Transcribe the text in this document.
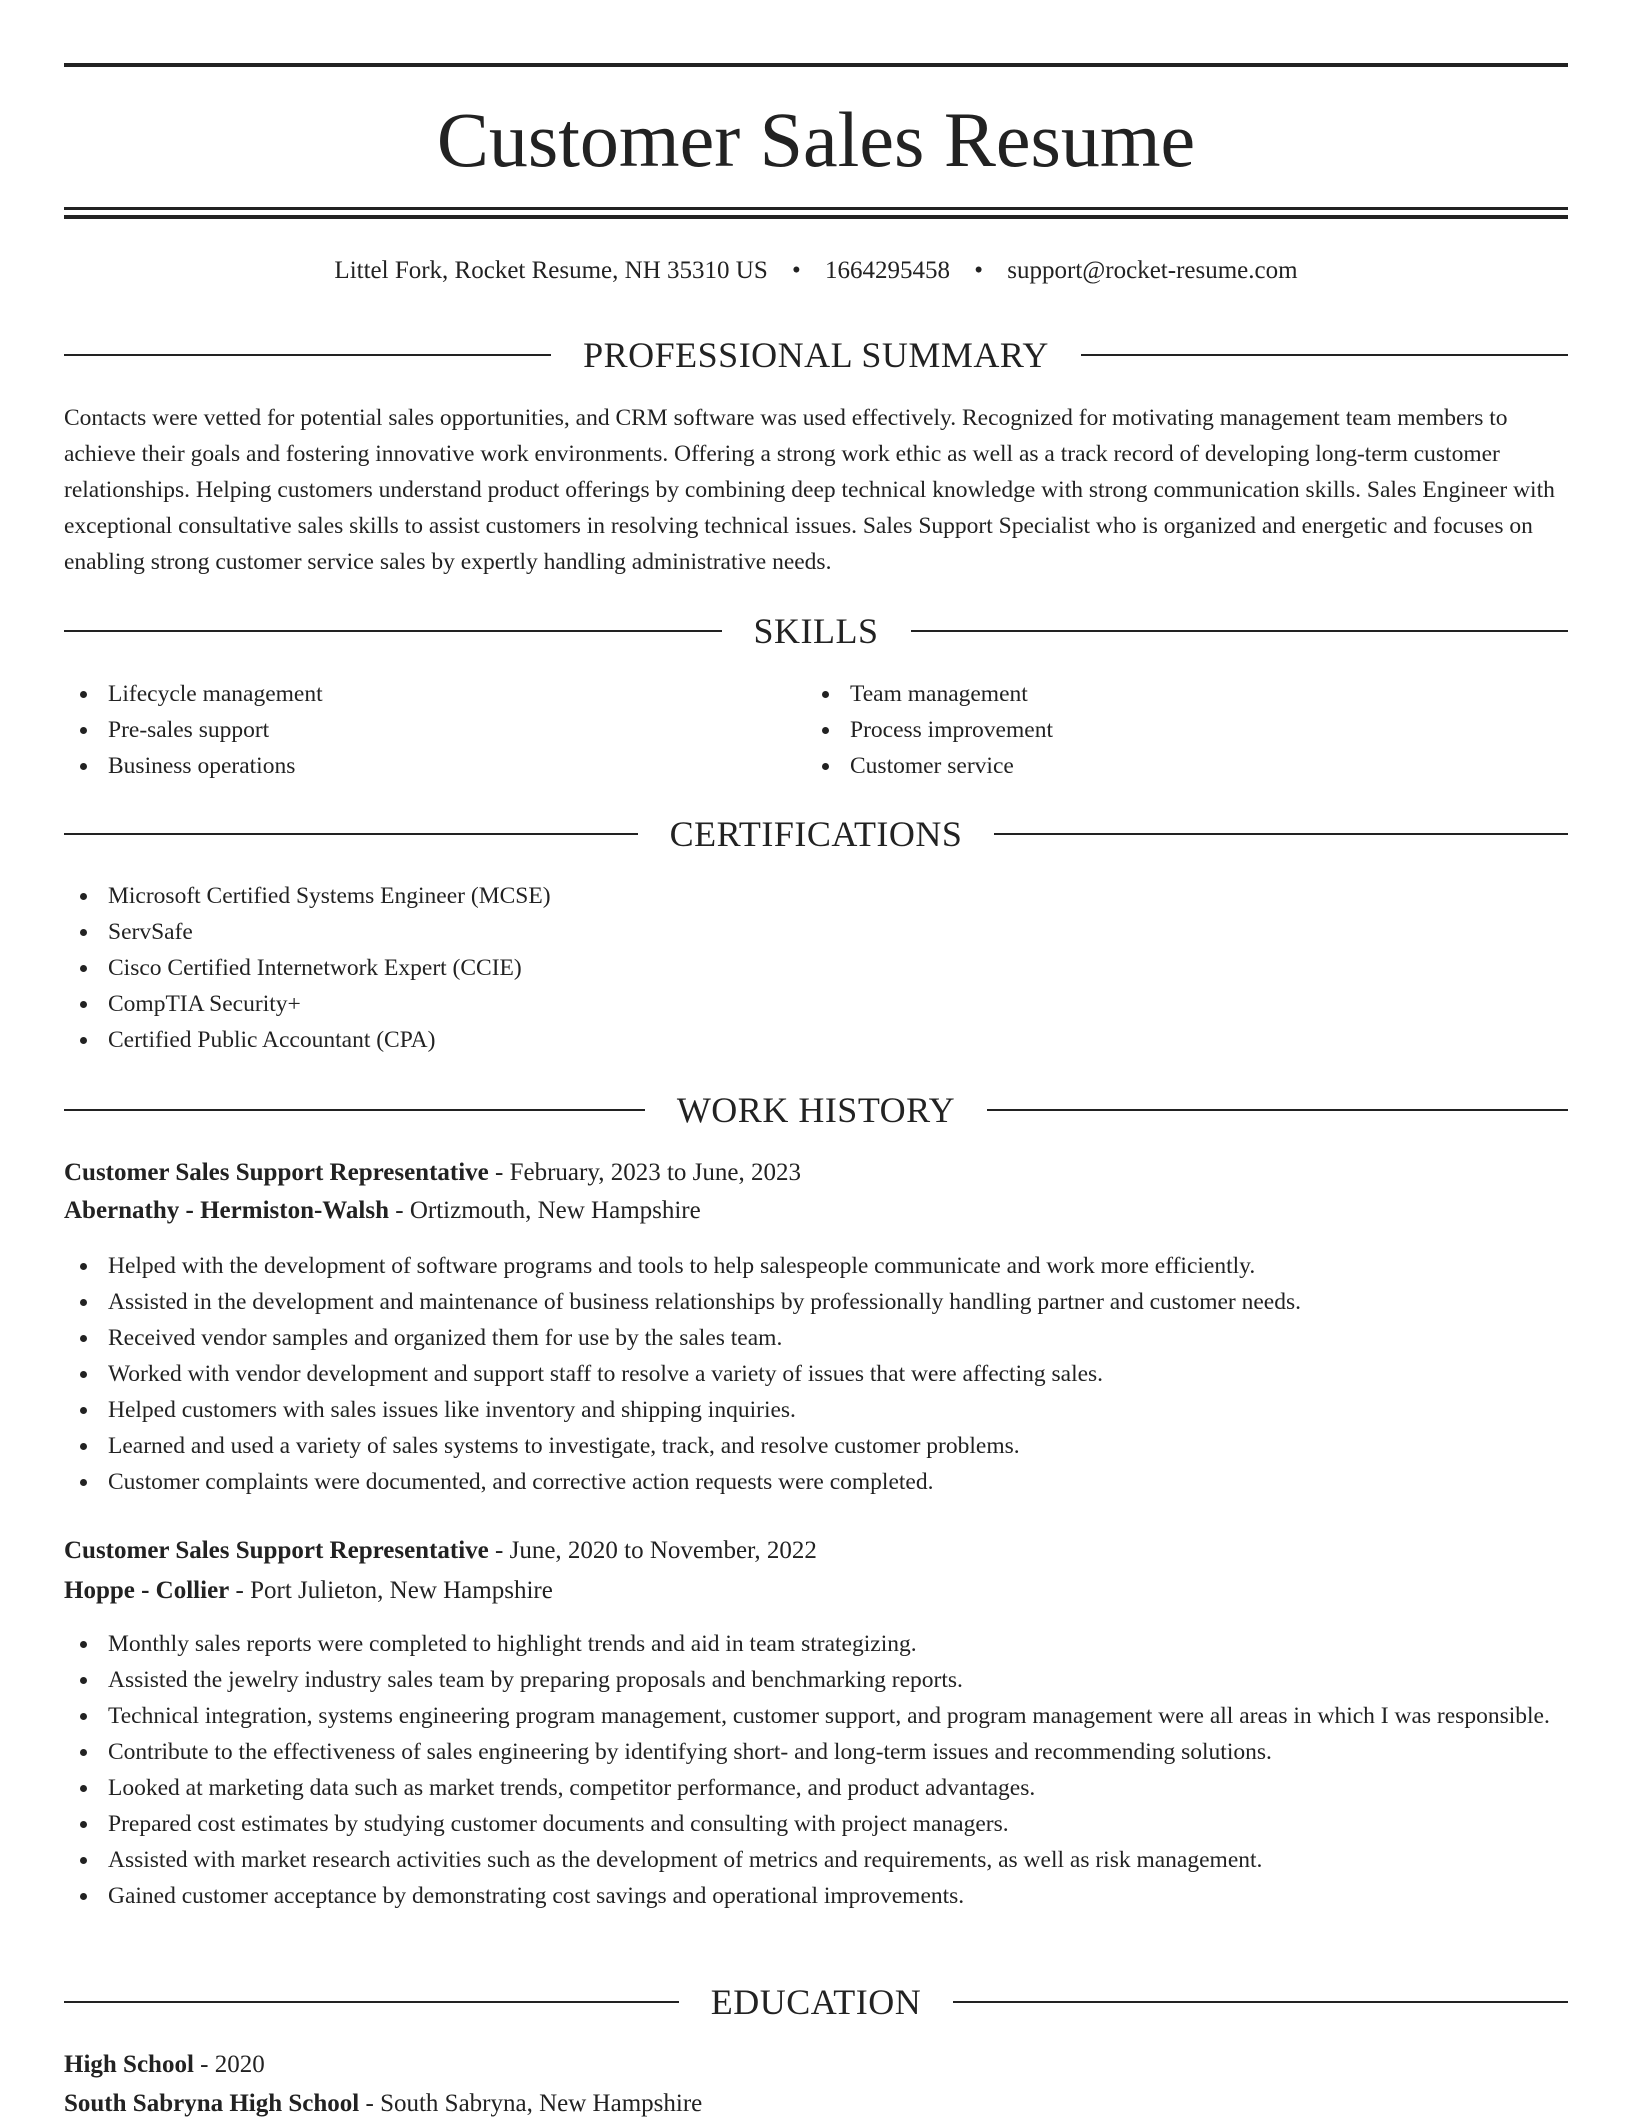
Customer Sales Resume
Littel Fork, Rocket Resume, NH 35310 US • 1664295458 • support@rocket-resume.com
PROFESSIONAL SUMMARY

Contacts were vetted for potential sales opportunities, and CRM software was used effectively. Recognized for motivating management team members to achieve their goals and fostering innovative work environments. Offering a strong work ethic as well as a track record of developing long-term customer relationships. Helping customers understand product offerings by combining deep technical knowledge with strong communication skills. Sales Engineer with exceptional consultative sales skills to assist customers in resolving technical issues. Sales Support Specialist who is organized and energetic and focuses on enabling strong customer service sales by expertly handling administrative needs.

SKILLS
Lifecycle management
Pre-sales support
Business operations
Team management
Process improvement
Customer service
CERTIFICATIONS
Microsoft Certified Systems Engineer (MCSE)
ServSafe
Cisco Certified Internetwork Expert (CCIE)
CompTIA Security+
Certified Public Accountant (CPA)
WORK HISTORY
Customer Sales Support Representative - February, 2023 to June, 2023
Abernathy - Hermiston-Walsh - Ortizmouth, New Hampshire
Helped with the development of software programs and tools to help salespeople communicate and work more efficiently.
Assisted in the development and maintenance of business relationships by professionally handling partner and customer needs.
Received vendor samples and organized them for use by the sales team.
Worked with vendor development and support staff to resolve a variety of issues that were affecting sales.
Helped customers with sales issues like inventory and shipping inquiries.
Learned and used a variety of sales systems to investigate, track, and resolve customer problems.
Customer complaints were documented, and corrective action requests were completed.
Customer Sales Support Representative - June, 2020 to November, 2022
Hoppe - Collier - Port Julieton, New Hampshire
Monthly sales reports were completed to highlight trends and aid in team strategizing.
Assisted the jewelry industry sales team by preparing proposals and benchmarking reports.
Technical integration, systems engineering program management, customer support, and program management were all areas in which I was responsible.
Contribute to the effectiveness of sales engineering by identifying short- and long-term issues and recommending solutions.
Looked at marketing data such as market trends, competitor performance, and product advantages.
Prepared cost estimates by studying customer documents and consulting with project managers.
Assisted with market research activities such as the development of metrics and requirements, as well as risk management.
Gained customer acceptance by demonstrating cost savings and operational improvements.
EDUCATION
High School - 2020
South Sabryna High School - South Sabryna, New Hampshire
